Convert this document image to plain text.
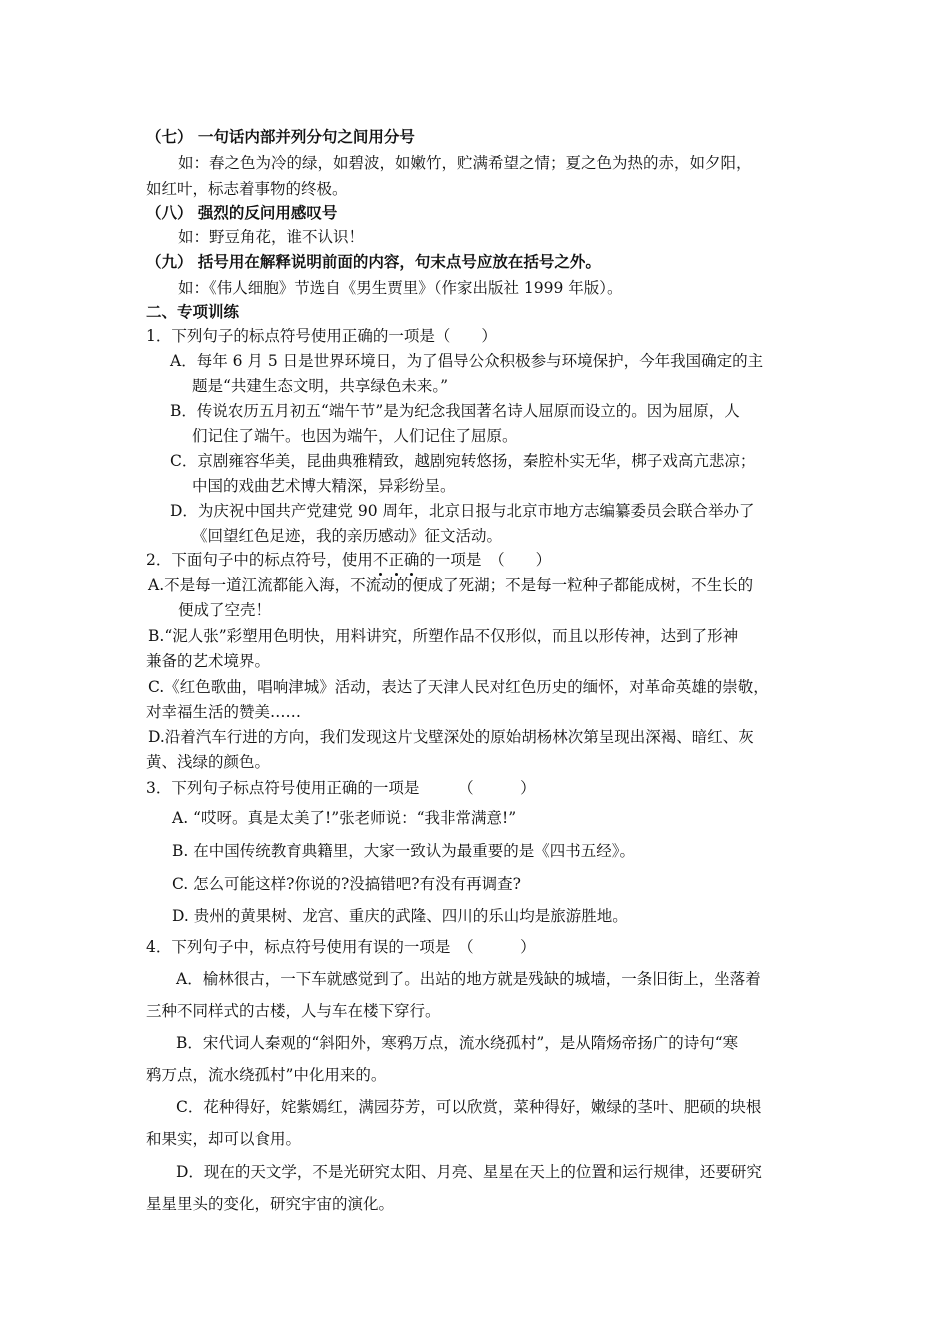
（七） 一句话内部并列分句之间用分号
如：春之色为冷的绿，如碧波，如嫩竹，贮满希望之情；夏之色为热的赤，如夕阳，
如红叶，标志着事物的终极。
（八） 强烈的反问用感叹号
如：野豆角花，谁不认识！
（九） 括号用在解释说明前面的内容，句末点号应放在括号之外。
如：《伟人细胞》节选自《男生贾里》（作家出版社 1999 年版）。
二、专项训练
1．下列句子的标点符号使用正确的一项是（　　）
A．每年 6 月 5 日是世界环境日，为了倡导公众积极参与环境保护，今年我国确定的主
题是“共建生态文明，共享绿色未来。”
B．传说农历五月初五“端午节”是为纪念我国著名诗人屈原而设立的。因为屈原，人
们记住了端午。也因为端午，人们记住了屈原。
C．京剧雍容华美，昆曲典雅精致，越剧宛转悠扬，秦腔朴实无华，梆子戏高亢悲凉；
中国的戏曲艺术博大精深，异彩纷呈。
D．为庆祝中国共产党建党 90 周年，北京日报与北京市地方志编纂委员会联合举办了
《回望红色足迹，我的亲历感动》征文活动。
2．下面句子中的标点符号，使用不正确的一项是　（　　）
A.不是每一道江流都能入海，不流动的便成了死湖；不是每一粒种子都能成树，不生长的
便成了空壳！
B.“泥人张”彩塑用色明快，用料讲究，所塑作品不仅形似，而且以形传神，达到了形神
兼备的艺术境界。
C.《红色歌曲，唱响津城》活动，表达了天津人民对红色历史的缅怀，对革命英雄的崇敬，
对幸福生活的赞美……
D.沿着汽车行进的方向，我们发现这片戈壁深处的原始胡杨林次第呈现出深褐、暗红、灰
黄、浅绿的颜色。
3．下列句子标点符号使用正确的一项是　　　（　　　）
A. “哎呀。真是太美了!”张老师说：“我非常满意!”
B. 在中国传统教育典籍里，大家一致认为最重要的是《四书五经》。
C. 怎么可能这样?你说的?没搞错吧?有没有再调查?
D. 贵州的黄果树、龙宫、重庆的武隆、四川的乐山均是旅游胜地。
4．下列句子中，标点符号使用有误的一项是　（　　　）
A．榆林很古，一下车就感觉到了。出站的地方就是残缺的城墙，一条旧街上，坐落着
三种不同样式的古楼，人与车在楼下穿行。
B．宋代词人秦观的“斜阳外，寒鸦万点，流水绕孤村”，是从隋炀帝扬广的诗句“寒
鸦万点，流水绕孤村”中化用来的。
C．花种得好，姹紫嫣红，满园芬芳，可以欣赏，菜种得好，嫩绿的茎叶、肥硕的块根
和果实，却可以食用。
D．现在的天文学，不是光研究太阳、月亮、星星在天上的位置和运行规律，还要研究
星星里头的变化，研究宇宙的演化。
